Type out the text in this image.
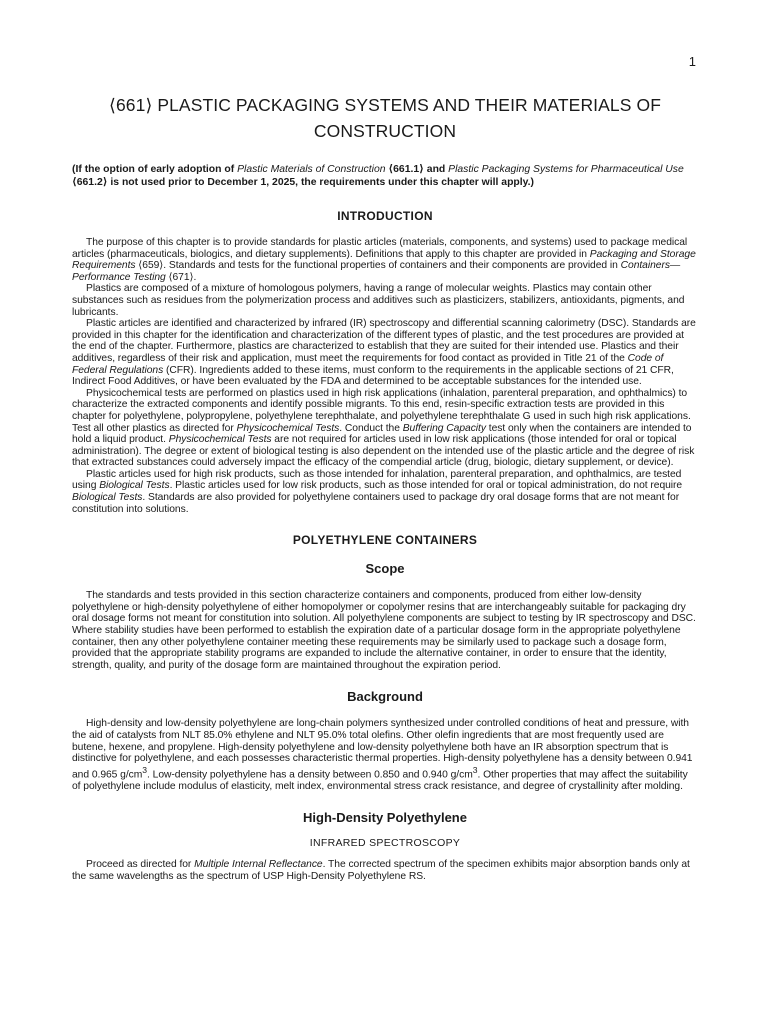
1

⟨661⟩ PLASTIC PACKAGING SYSTEMS AND THEIR MATERIALS OF CONSTRUCTION

(If the option of early adoption of Plastic Materials of Construction ⟨661.1⟩ and Plastic Packaging Systems for Pharmaceutical Use ⟨661.2⟩ is not used prior to December 1, 2025, the requirements under this chapter will apply.)

INTRODUCTION

The purpose of this chapter is to provide standards for plastic articles (materials, components, and systems) used to package medical articles (pharmaceuticals, biologics, and dietary supplements). Definitions that apply to this chapter are provided in Packaging and Storage Requirements ⟨659⟩. Standards and tests for the functional properties of containers and their components are provided in Containers—Performance Testing ⟨671⟩.

Plastics are composed of a mixture of homologous polymers, having a range of molecular weights. Plastics may contain other substances such as residues from the polymerization process and additives such as plasticizers, stabilizers, antioxidants, pigments, and lubricants.

Plastic articles are identified and characterized by infrared (IR) spectroscopy and differential scanning calorimetry (DSC). Standards are provided in this chapter for the identification and characterization of the different types of plastic, and the test procedures are provided at the end of the chapter. Furthermore, plastics are characterized to establish that they are suited for their intended use. Plastics and their additives, regardless of their risk and application, must meet the requirements for food contact as provided in Title 21 of the Code of Federal Regulations (CFR). Ingredients added to these items, must conform to the requirements in the applicable sections of 21 CFR, Indirect Food Additives, or have been evaluated by the FDA and determined to be acceptable substances for the intended use.

Physicochemical tests are performed on plastics used in high risk applications (inhalation, parenteral preparation, and ophthalmics) to characterize the extracted components and identify possible migrants. To this end, resin-specific extraction tests are provided in this chapter for polyethylene, polypropylene, polyethylene terephthalate, and polyethylene terephthalate G used in such high risk applications. Test all other plastics as directed for Physicochemical Tests. Conduct the Buffering Capacity test only when the containers are intended to hold a liquid product. Physicochemical Tests are not required for articles used in low risk applications (those intended for oral or topical administration). The degree or extent of biological testing is also dependent on the intended use of the plastic article and the degree of risk that extracted substances could adversely impact the efficacy of the compendial article (drug, biologic, dietary supplement, or device).

Plastic articles used for high risk products, such as those intended for inhalation, parenteral preparation, and ophthalmics, are tested using Biological Tests. Plastic articles used for low risk products, such as those intended for oral or topical administration, do not require Biological Tests. Standards are also provided for polyethylene containers used to package dry oral dosage forms that are not meant for constitution into solutions.

POLYETHYLENE CONTAINERS
Scope

The standards and tests provided in this section characterize containers and components, produced from either low-density polyethylene or high-density polyethylene of either homopolymer or copolymer resins that are interchangeably suitable for packaging dry oral dosage forms not meant for constitution into solution. All polyethylene components are subject to testing by IR spectroscopy and DSC. Where stability studies have been performed to establish the expiration date of a particular dosage form in the appropriate polyethylene container, then any other polyethylene container meeting these requirements may be similarly used to package such a dosage form, provided that the appropriate stability programs are expanded to include the alternative container, in order to ensure that the identity, strength, quality, and purity of the dosage form are maintained throughout the expiration period.

Background

High-density and low-density polyethylene are long-chain polymers synthesized under controlled conditions of heat and pressure, with the aid of catalysts from NLT 85.0% ethylene and NLT 95.0% total olefins. Other olefin ingredients that are most frequently used are butene, hexene, and propylene. High-density polyethylene and low-density polyethylene both have an IR absorption spectrum that is distinctive for polyethylene, and each possesses characteristic thermal properties. High-density polyethylene has a density between 0.941 and 0.965 $g/cm^3$. Low-density polyethylene has a density between 0.850 and 0.940 $g/cm^3$. Other properties that may affect the suitability of polyethylene include modulus of elasticity, melt index, environmental stress crack resistance, and degree of crystallinity after molding.

High-Density Polyethylene
INFRARED SPECTROSCOPY

Proceed as directed for Multiple Internal Reflectance. The corrected spectrum of the specimen exhibits major absorption bands only at the same wavelengths as the spectrum of USP High-Density Polyethylene RS.
